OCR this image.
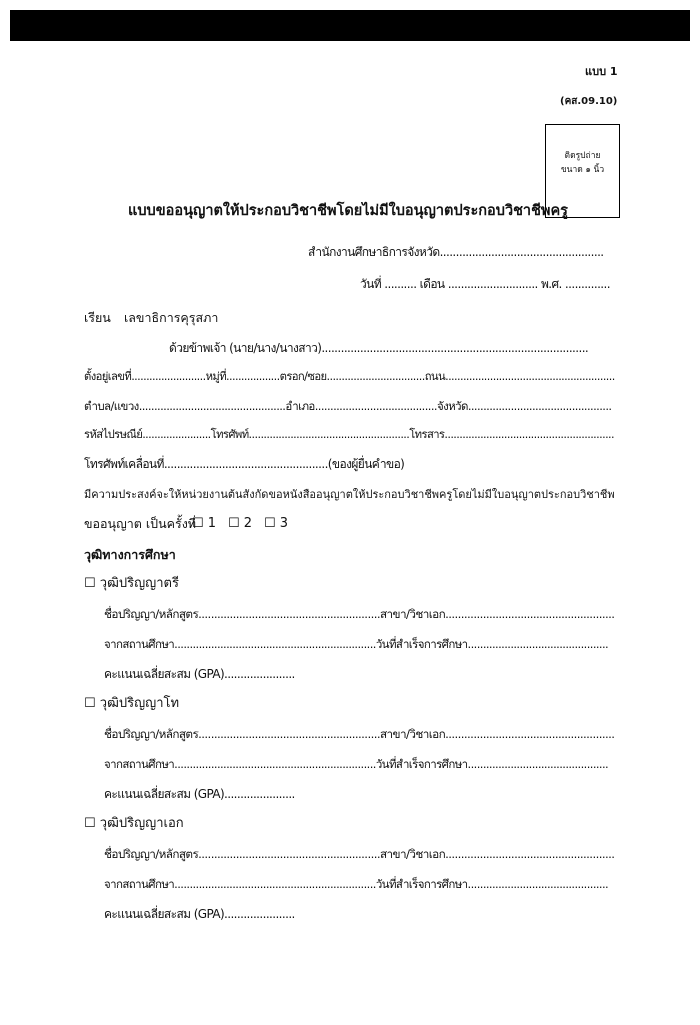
แบบ 1
(คส.09.10)
ติดรูปถ่าย
ขนาด ๑ นิ้ว
แบบขออนุญาตให้ประกอบวิชาชีพโดยไม่มีใบอนุญาตประกอบวิชาชีพครู
สำนักงานศึกษาธิการจังหวัด...................................................
วันที่ .......... เดือน ............................ พ.ศ. ..............
เรียน เลขาธิการคุรุสภา
ด้วยข้าพเจ้า (นาย/นาง/นางสาว)...................................................................................
ตั้งอยู่เลขที่.........................หมู่ที่..................ตรอก/ซอย.................................ถนน.........................................................
ตำบล/แขวง................................................อำเภอ........................................จังหวัด...............................................
รหัสไปรษณีย์.......................โทรศัพท์......................................................โทรสาร.........................................................
โทรศัพท์เคลื่อนที่...................................................(ของผู้ยื่นคำขอ)
มีความประสงค์จะให้หน่วยงานต้นสังกัดขอหนังสืออนุญาตให้ประกอบวิชาชีพครูโดยไม่มีใบอนุญาตประกอบวิชาชีพ
ขออนุญาต เป็นครั้งที่
☐ 1 ☐ 2 ☐ 3
วุฒิทางการศึกษา
☐ วุฒิปริญญาตรี
ชื่อปริญญา/หลักสูตร..........................................................สาขา/วิชาเอก......................................................
จากสถานศึกษา..................................................................วันที่สำเร็จการศึกษา..............................................
คะแนนเฉลี่ยสะสม (GPA)......................
☐ วุฒิปริญญาโท
ชื่อปริญญา/หลักสูตร..........................................................สาขา/วิชาเอก......................................................
จากสถานศึกษา..................................................................วันที่สำเร็จการศึกษา..............................................
คะแนนเฉลี่ยสะสม (GPA)......................
☐ วุฒิปริญญาเอก
ชื่อปริญญา/หลักสูตร..........................................................สาขา/วิชาเอก......................................................
จากสถานศึกษา..................................................................วันที่สำเร็จการศึกษา..............................................
คะแนนเฉลี่ยสะสม (GPA)......................
